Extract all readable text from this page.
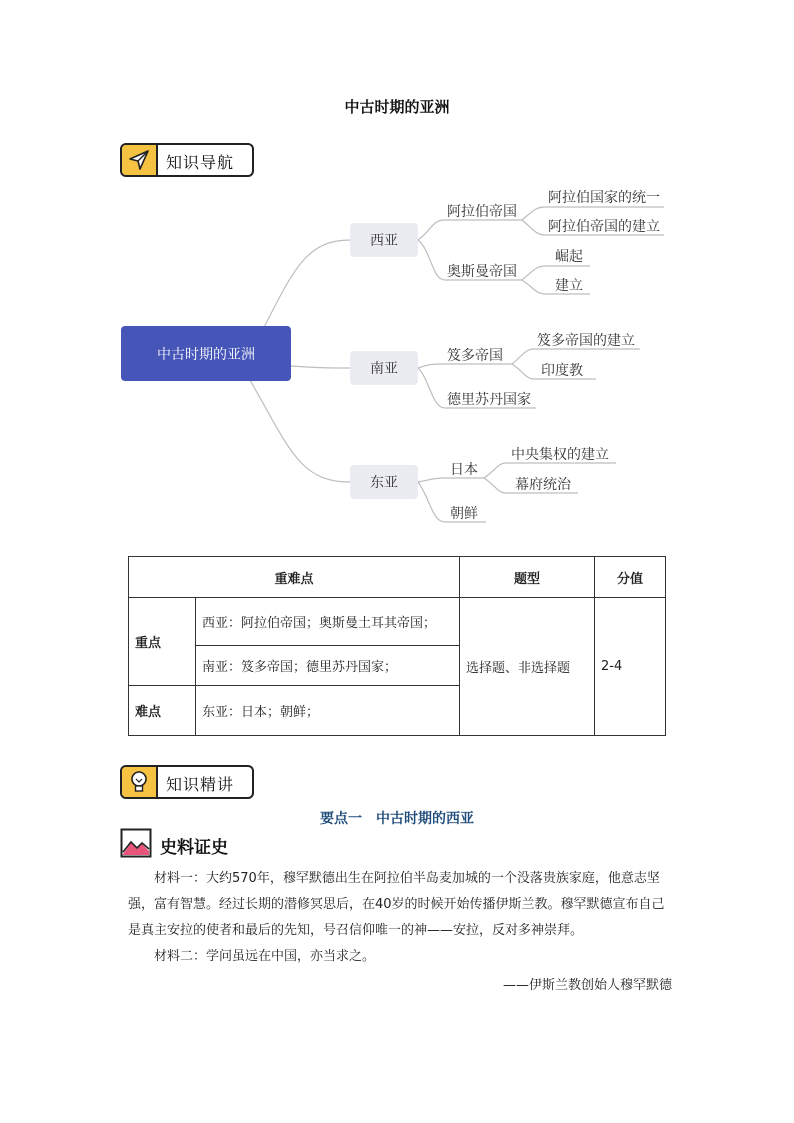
中古时期的亚洲
知识导航
中古时期的亚洲
西亚
南亚
东亚
阿拉伯帝国
奥斯曼帝国
阿拉伯国家的统一
阿拉伯帝国的建立
崛起
建立
笈多帝国
德里苏丹国家
笈多帝国的建立
印度教
日本
朝鲜
中央集权的建立
幕府统治
重难点		题型	分值
重点	西亚：阿拉伯帝国；奥斯曼土耳其帝国；	选择题、非选择题	2-4
	南亚：笈多帝国；德里苏丹国家；		
难点	东亚：日本；朝鲜；		
知识精讲
要点一　中古时期的西亚
史料证史

材料一：大约570年，穆罕默德出生在阿拉伯半岛麦加城的一个没落贵族家庭，他意志坚强，富有智慧。经过长期的潜修冥思后，在40岁的时候开始传播伊斯兰教。穆罕默德宣布自己是真主安拉的使者和最后的先知，号召信仰唯一的神——安拉，反对多神崇拜。

材料二：学问虽远在中国，亦当求之。

——伊斯兰教创始人穆罕默德
